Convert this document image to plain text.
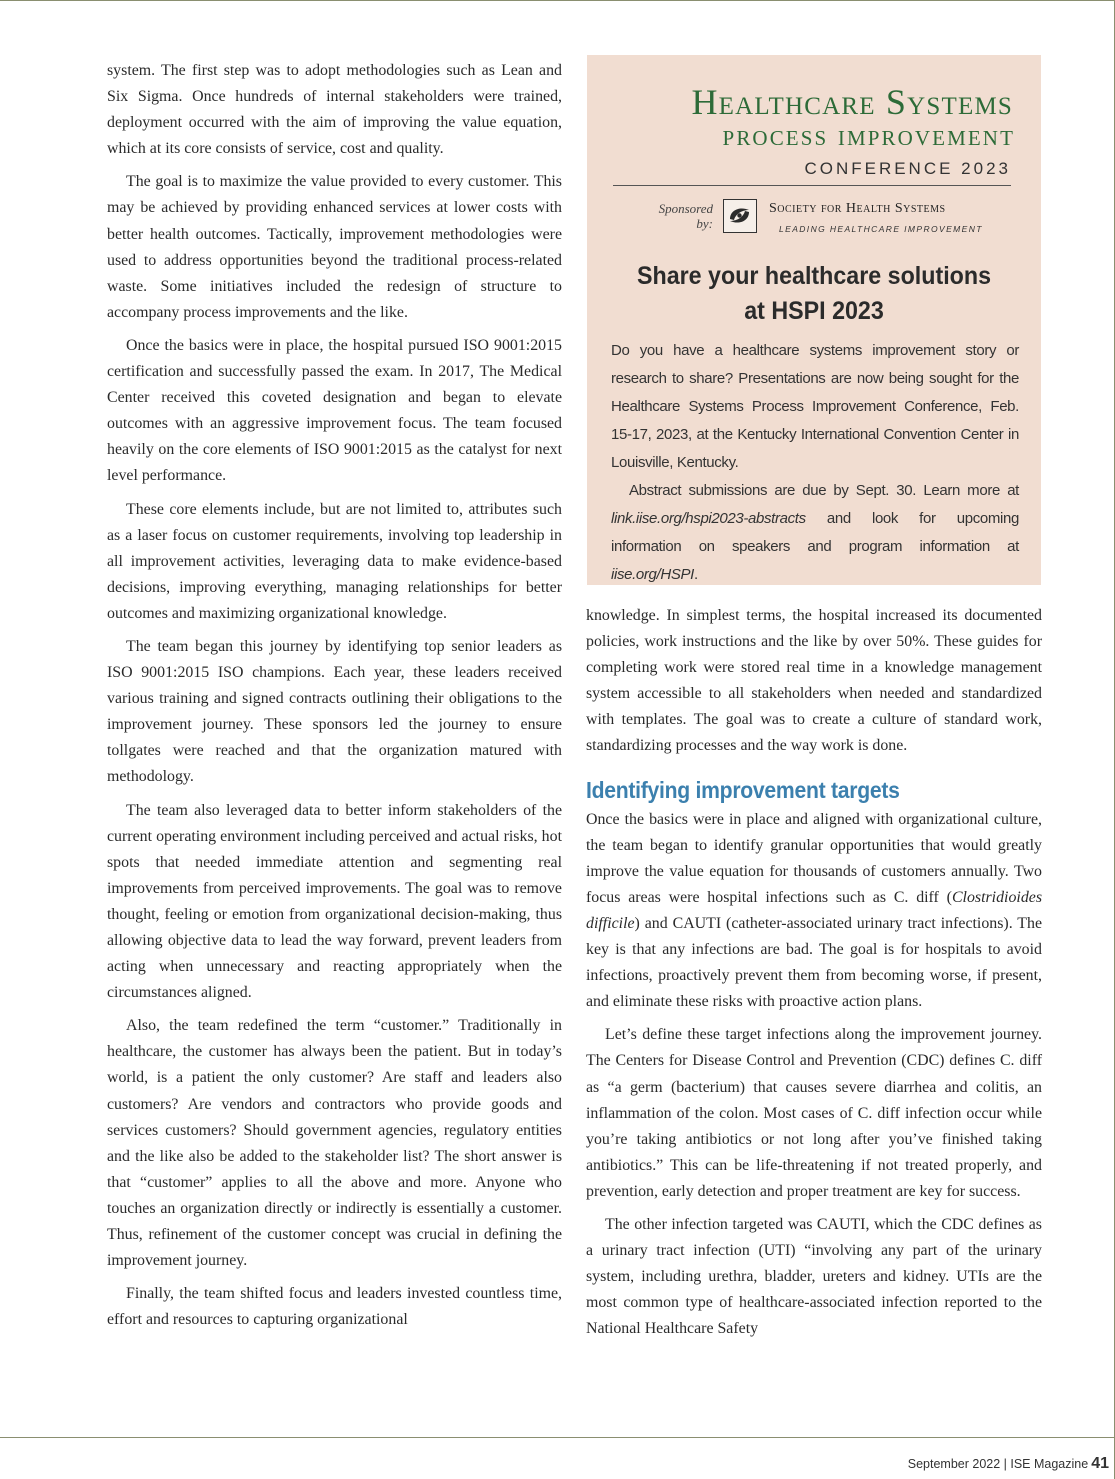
system. The first step was to adopt methodologies such as Lean and Six Sigma. Once hundreds of internal stakeholders were trained, deployment occurred with the aim of improving the value equation, which at its core consists of service, cost and quality.

The goal is to maximize the value provided to every customer. This may be achieved by providing enhanced services at lower costs with better health outcomes. Tactically, improvement methodologies were used to address opportunities beyond the traditional process-related waste. Some initiatives included the redesign of structure to accompany process improvements and the like.

Once the basics were in place, the hospital pursued ISO 9001:2015 certification and successfully passed the exam. In 2017, The Medical Center received this coveted designation and began to elevate outcomes with an aggressive improvement focus. The team focused heavily on the core elements of ISO 9001:2015 as the catalyst for next level performance.

These core elements include, but are not limited to, attributes such as a laser focus on customer requirements, involving top leadership in all improvement activities, leveraging data to make evidence-based decisions, improving everything, managing relationships for better outcomes and maximizing organizational knowledge.

The team began this journey by identifying top senior leaders as ISO 9001:2015 ISO champions. Each year, these leaders received various training and signed contracts outlining their obligations to the improvement journey. These sponsors led the journey to ensure tollgates were reached and that the organization matured with methodology.

The team also leveraged data to better inform stakeholders of the current operating environment including perceived and actual risks, hot spots that needed immediate attention and segmenting real improvements from perceived improvements. The goal was to remove thought, feeling or emotion from organizational decision-making, thus allowing objective data to lead the way forward, prevent leaders from acting when unnecessary and reacting appropriately when the circumstances aligned.

Also, the team redefined the term “customer.” Traditionally in healthcare, the customer has always been the patient. But in today’s world, is a patient the only customer? Are staff and leaders also customers? Are vendors and contractors who provide goods and services customers? Should government agencies, regulatory entities and the like also be added to the stakeholder list? The short answer is that “customer” applies to all the above and more. Anyone who touches an organization directly or indirectly is essentially a customer. Thus, refinement of the customer concept was crucial in defining the improvement journey.

Finally, the team shifted focus and leaders invested countless time, effort and resources to capturing organizational

Healthcare Systems
process improvement
CONFERENCE 2023
Sponsored
by:
Society for Health Systems
LEADING HEALTHCARE IMPROVEMENT
Share your healthcare solutions
at HSPI 2023

Do you have a healthcare systems improvement story or research to share? Presentations are now being sought for the Healthcare Systems Process Improvement Conference, Feb. 15-17, 2023, at the Kentucky International Convention Center in Louisville, Kentucky.

Abstract submissions are due by Sept. 30. Learn more at link.iise.org/hspi2023-abstracts and look for upcoming information on speakers and program information at iise.org/HSPI.

knowledge. In simplest terms, the hospital increased its documented policies, work instructions and the like by over 50%. These guides for completing work were stored real time in a knowledge management system accessible to all stakeholders when needed and standardized with templates. The goal was to create a culture of standard work, standardizing processes and the way work is done.

Identifying improvement targets

Once the basics were in place and aligned with organizational culture, the team began to identify granular opportunities that would greatly improve the value equation for thousands of customers annually. Two focus areas were hospital infections such as C. diff (Clostridioides difficile) and CAUTI (catheter-associated urinary tract infections). The key is that any infections are bad. The goal is for hospitals to avoid infections, proactively prevent them from becoming worse, if present, and eliminate these risks with proactive action plans.

Let’s define these target infections along the improvement journey. The Centers for Disease Control and Prevention (CDC) defines C. diff as “a germ (bacterium) that causes severe diarrhea and colitis, an inflammation of the colon. Most cases of C. diff infection occur while you’re taking antibiotics or not long after you’ve finished taking antibiotics.” This can be life-threatening if not treated properly, and prevention, early detection and proper treatment are key for success.

The other infection targeted was CAUTI, which the CDC defines as a urinary tract infection (UTI) “involving any part of the urinary system, including urethra, bladder, ureters and kidney. UTIs are the most common type of healthcare-associated infection reported to the National Healthcare Safety

September 2022 | ISE Magazine 41
